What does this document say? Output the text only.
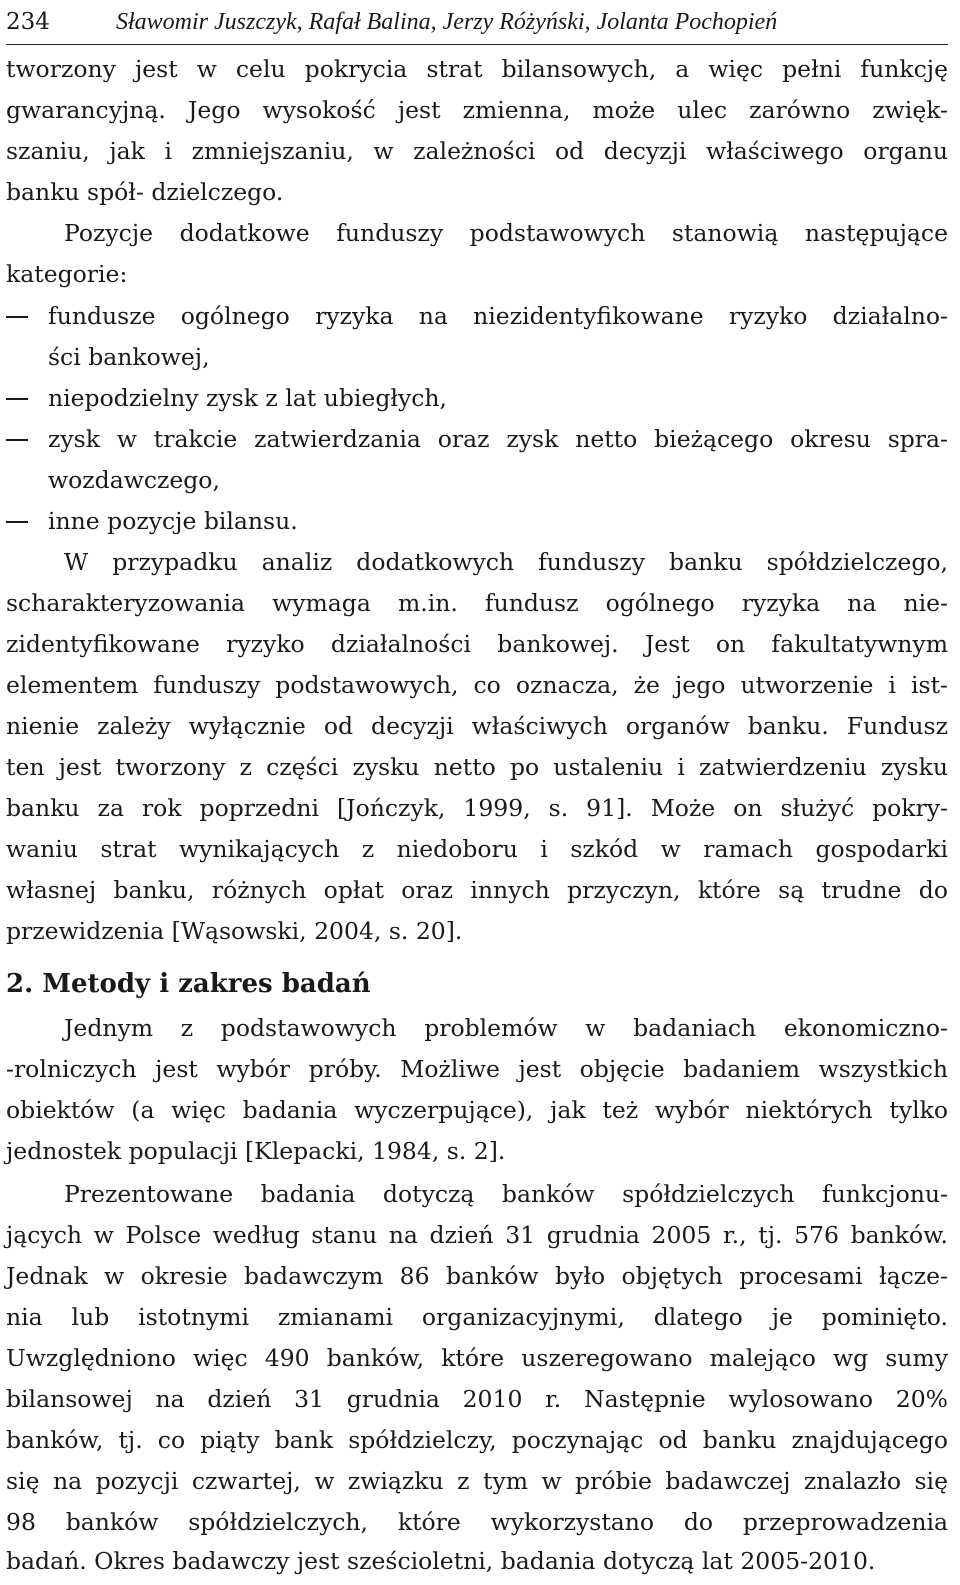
234	Sławomir Juszczyk, Rafał Balina, Jerzy Różyński, Jolanta Pochopień
tworzony jest w celu pokrycia strat bilansowych, a więc pełni funkcję
gwarancyjną. Jego wysokość jest zmienna, może ulec zarówno zwięk-
szaniu, jak i zmniejszaniu, w zależności od decyzji właściwego organu
banku spół- dzielczego.
Pozycje dodatkowe funduszy podstawowych stanowią następujące
kategorie:
fundusze ogólnego ryzyka na niezidentyfikowane ryzyko działalno-
ści bankowej,
niepodzielny zysk z lat ubiegłych,
zysk w trakcie zatwierdzania oraz zysk netto bieżącego okresu spra-
wozdawczego,
inne pozycje bilansu.
W przypadku analiz dodatkowych funduszy banku spółdzielczego,
scharakteryzowania wymaga m.in. fundusz ogólnego ryzyka na nie-
zidentyfikowane ryzyko działalności bankowej. Jest on fakultatywnym
elementem funduszy podstawowych, co oznacza, że jego utworzenie i ist-
nienie zależy wyłącznie od decyzji właściwych organów banku. Fundusz
ten jest tworzony z części zysku netto po ustaleniu i zatwierdzeniu zysku
banku za rok poprzedni [Jończyk, 1999, s. 91]. Może on służyć pokry-
waniu strat wynikających z niedoboru i szkód w ramach gospodarki
własnej banku, różnych opłat oraz innych przyczyn, które są trudne do
przewidzenia [Wąsowski, 2004, s. 20].
2. Metody i zakres badań
Jednym z podstawowych problemów w badaniach ekonomiczno-
-rolniczych jest wybór próby. Możliwe jest objęcie badaniem wszystkich
obiektów (a więc badania wyczerpujące), jak też wybór niektórych tylko
jednostek populacji [Klepacki, 1984, s. 2].
Prezentowane badania dotyczą banków spółdzielczych funkcjonu-
jących w Polsce według stanu na dzień 31 grudnia 2005 r., tj. 576 banków.
Jednak w okresie badawczym 86 banków było objętych procesami łącze-
nia lub istotnymi zmianami organizacyjnymi, dlatego je pominięto.
Uwzględniono więc 490 banków, które uszeregowano malejąco wg sumy
bilansowej na dzień 31 grudnia 2010 r. Następnie wylosowano 20%
banków, tj. co piąty bank spółdzielczy, poczynając od banku znajdującego
się na pozycji czwartej, w związku z tym w próbie badawczej znalazło się
98 banków spółdzielczych, które wykorzystano do przeprowadzenia
badań. Okres badawczy jest sześcioletni, badania dotyczą lat 2005-2010.
